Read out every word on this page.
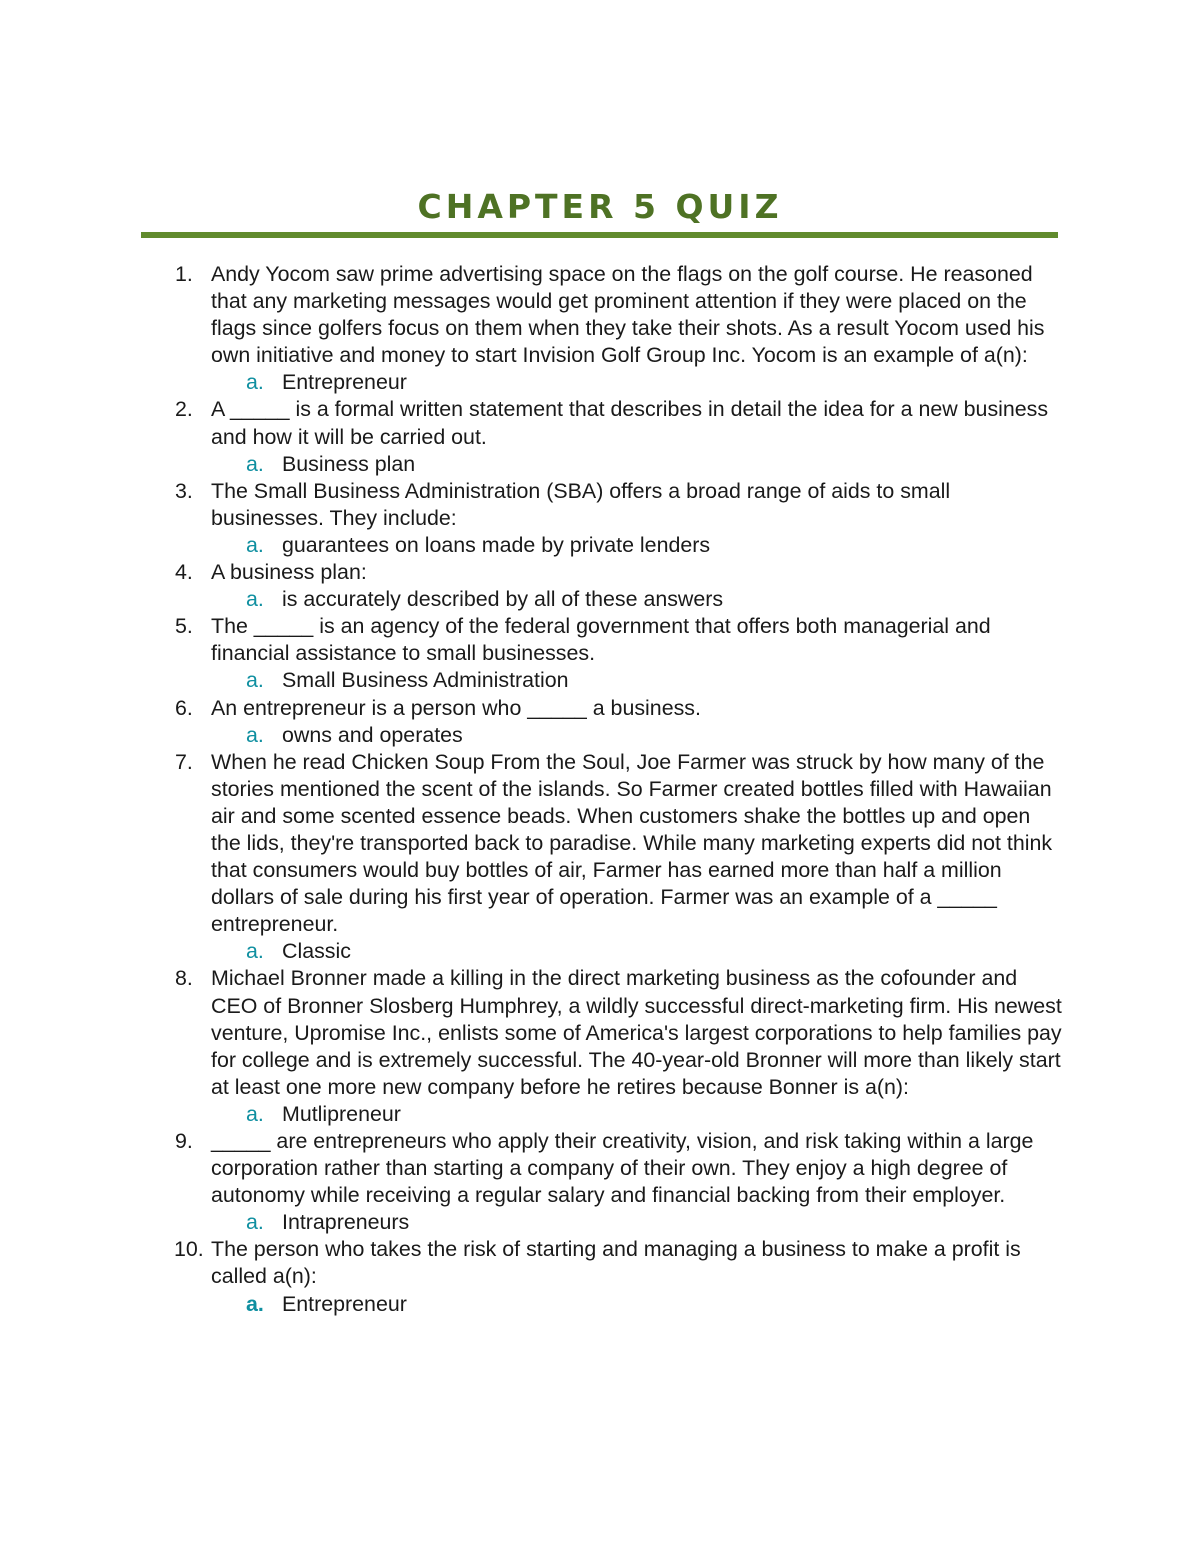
CHAPTER 5 QUIZ
1. Andy Yocom saw prime advertising space on the flags on the golf course. He reasoned that any marketing messages would get prominent attention if they were placed on the flags since golfers focus on them when they take their shots. As a result Yocom used his own initiative and money to start Invision Golf Group Inc. Yocom is an example of a(n):
a. Entrepreneur
2. A _____ is a formal written statement that describes in detail the idea for a new business and how it will be carried out.
a. Business plan
3. The Small Business Administration (SBA) offers a broad range of aids to small businesses. They include:
a. guarantees on loans made by private lenders
4. A business plan:
a. is accurately described by all of these answers
5. The _____ is an agency of the federal government that offers both managerial and financial assistance to small businesses.
a. Small Business Administration
6. An entrepreneur is a person who _____ a business.
a. owns and operates
7. When he read Chicken Soup From the Soul, Joe Farmer was struck by how many of the stories mentioned the scent of the islands. So Farmer created bottles filled with Hawaiian air and some scented essence beads. When customers shake the bottles up and open the lids, they're transported back to paradise. While many marketing experts did not think that consumers would buy bottles of air, Farmer has earned more than half a million dollars of sale during his first year of operation. Farmer was an example of a _____ entrepreneur.
a. Classic
8. Michael Bronner made a killing in the direct marketing business as the cofounder and CEO of Bronner Slosberg Humphrey, a wildly successful direct-marketing firm. His newest venture, Upromise Inc., enlists some of America's largest corporations to help families pay for college and is extremely successful. The 40-year-old Bronner will more than likely start at least one more new company before he retires because Bonner is a(n):
a. Mutlipreneur
9. _____ are entrepreneurs who apply their creativity, vision, and risk taking within a large corporation rather than starting a company of their own. They enjoy a high degree of autonomy while receiving a regular salary and financial backing from their employer.
a. Intrapreneurs
10. The person who takes the risk of starting and managing a business to make a profit is called a(n):
a. Entrepreneur
